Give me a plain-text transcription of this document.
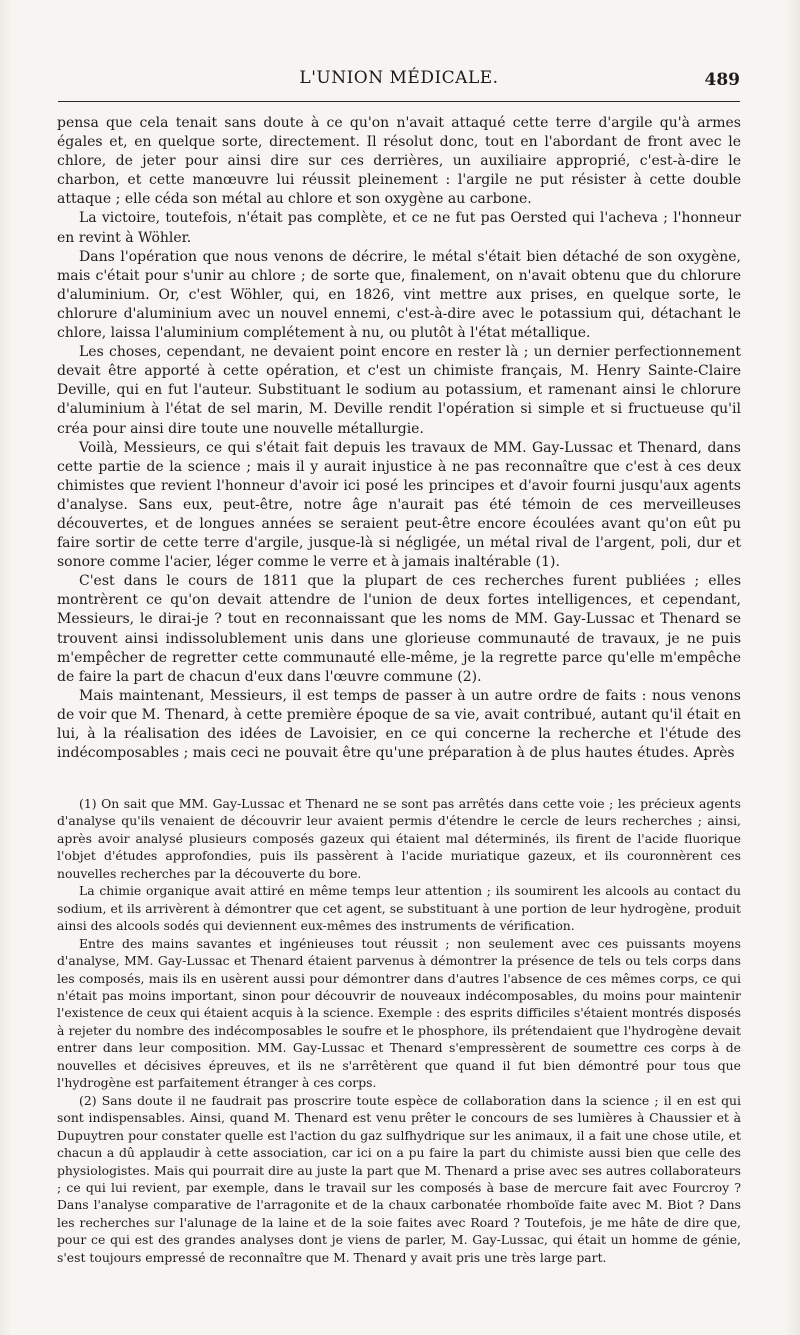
L'UNION MÉDICALE.	489

pensa que cela tenait sans doute à ce qu'on n'avait attaqué cette terre d'argile qu'à armes égales et, en quelque sorte, directement. Il résolut donc, tout en l'abordant de front avec le chlore, de jeter pour ainsi dire sur ces derrières, un auxiliaire approprié, c'est-à-dire le charbon, et cette manœuvre lui réussit pleinement : l'argile ne put résister à cette double attaque ; elle céda son métal au chlore et son oxygène au carbone.

La victoire, toutefois, n'était pas complète, et ce ne fut pas Oersted qui l'acheva ; l'honneur en revint à Wöhler.

Dans l'opération que nous venons de décrire, le métal s'était bien détaché de son oxygène, mais c'était pour s'unir au chlore ; de sorte que, finalement, on n'avait obtenu que du chlorure d'aluminium. Or, c'est Wöhler, qui, en 1826, vint mettre aux prises, en quelque sorte, le chlorure d'aluminium avec un nouvel ennemi, c'est-à-dire avec le potassium qui, détachant le chlore, laissa l'aluminium complétement à nu, ou plutôt à l'état métallique.

Les choses, cependant, ne devaient point encore en rester là ; un dernier perfectionnement devait être apporté à cette opération, et c'est un chimiste français, M. Henry Sainte-Claire Deville, qui en fut l'auteur. Substituant le sodium au potassium, et ramenant ainsi le chlorure d'aluminium à l'état de sel marin, M. Deville rendit l'opération si simple et si fructueuse qu'il créa pour ainsi dire toute une nouvelle métallurgie.

Voilà, Messieurs, ce qui s'était fait depuis les travaux de MM. Gay-Lussac et Thenard, dans cette partie de la science ; mais il y aurait injustice à ne pas reconnaître que c'est à ces deux chimistes que revient l'honneur d'avoir ici posé les principes et d'avoir fourni jusqu'aux agents d'analyse. Sans eux, peut-être, notre âge n'aurait pas été témoin de ces merveilleuses découvertes, et de longues années se seraient peut-être encore écoulées avant qu'on eût pu faire sortir de cette terre d'argile, jusque-là si négligée, un métal rival de l'argent, poli, dur et sonore comme l'acier, léger comme le verre et à jamais inaltérable (1).

C'est dans le cours de 1811 que la plupart de ces recherches furent publiées ; elles montrèrent ce qu'on devait attendre de l'union de deux fortes intelligences, et cependant, Messieurs, le dirai-je ? tout en reconnaissant que les noms de MM. Gay-Lussac et Thenard se trouvent ainsi indissolublement unis dans une glorieuse communauté de travaux, je ne puis m'empêcher de regretter cette communauté elle-même, je la regrette parce qu'elle m'empêche de faire la part de chacun d'eux dans l'œuvre commune (2).

Mais maintenant, Messieurs, il est temps de passer à un autre ordre de faits : nous venons de voir que M. Thenard, à cette première époque de sa vie, avait contribué, autant qu'il était en lui, à la réalisation des idées de Lavoisier, en ce qui concerne la recherche et l'étude des indécomposables ; mais ceci ne pouvait être qu'une préparation à de plus hautes études. Après

(1) On sait que MM. Gay-Lussac et Thenard ne se sont pas arrêtés dans cette voie ; les précieux agents d'analyse qu'ils venaient de découvrir leur avaient permis d'étendre le cercle de leurs recherches ; ainsi, après avoir analysé plusieurs composés gazeux qui étaient mal déterminés, ils firent de l'acide fluorique l'objet d'études approfondies, puis ils passèrent à l'acide muriatique gazeux, et ils couronnèrent ces nouvelles recherches par la découverte du bore.

La chimie organique avait attiré en même temps leur attention ; ils soumirent les alcools au contact du sodium, et ils arrivèrent à démontrer que cet agent, se substituant à une portion de leur hydrogène, produit ainsi des alcools sodés qui deviennent eux-mêmes des instruments de vérification.

Entre des mains savantes et ingénieuses tout réussit ; non seulement avec ces puissants moyens d'analyse, MM. Gay-Lussac et Thenard étaient parvenus à démontrer la présence de tels ou tels corps dans les composés, mais ils en usèrent aussi pour démontrer dans d'autres l'absence de ces mêmes corps, ce qui n'était pas moins important, sinon pour découvrir de nouveaux indécomposables, du moins pour maintenir l'existence de ceux qui étaient acquis à la science. Exemple : des esprits difficiles s'étaient montrés disposés à rejeter du nombre des indécomposables le soufre et le phosphore, ils prétendaient que l'hydrogène devait entrer dans leur composition. MM. Gay-Lussac et Thenard s'empressèrent de soumettre ces corps à de nouvelles et décisives épreuves, et ils ne s'arrêtèrent que quand il fut bien démontré pour tous que l'hydrogène est parfaitement étranger à ces corps.

(2) Sans doute il ne faudrait pas proscrire toute espèce de collaboration dans la science ; il en est qui sont indispensables. Ainsi, quand M. Thenard est venu prêter le concours de ses lumières à Chaussier et à Dupuytren pour constater quelle est l'action du gaz sulfhydrique sur les animaux, il a fait une chose utile, et chacun a dû applaudir à cette association, car ici on a pu faire la part du chimiste aussi bien que celle des physiologistes. Mais qui pourrait dire au juste la part que M. Thenard a prise avec ses autres collaborateurs ; ce qui lui revient, par exemple, dans le travail sur les composés à base de mercure fait avec Fourcroy ? Dans l'analyse comparative de l'arragonite et de la chaux carbonatée rhomboïde faite avec M. Biot ? Dans les recherches sur l'alunage de la laine et de la soie faites avec Roard ? Toutefois, je me hâte de dire que, pour ce qui est des grandes analyses dont je viens de parler, M. Gay-Lussac, qui était un homme de génie, s'est toujours empressé de reconnaître que M. Thenard y avait pris une très large part.
